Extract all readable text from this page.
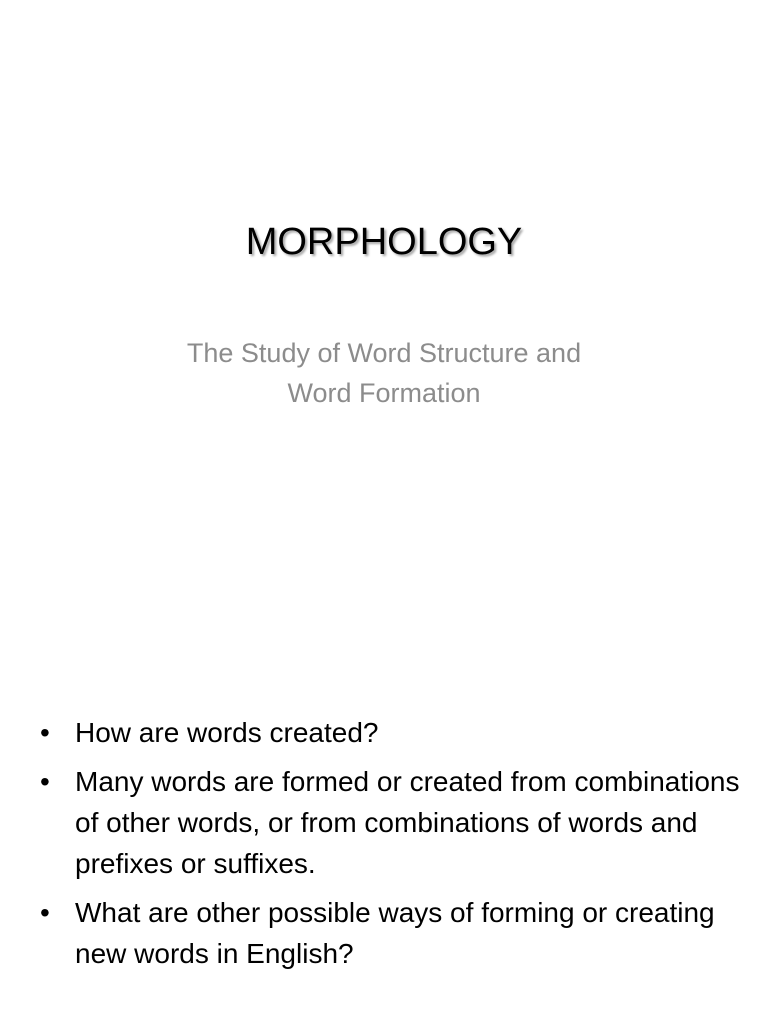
MORPHOLOGY
The Study of Word Structure and
Word Formation
• How are words created?
• Many words are formed or created from combinations of other words, or from combinations of words and prefixes or suffixes.
• What are other possible ways of forming or creating new words in English?
